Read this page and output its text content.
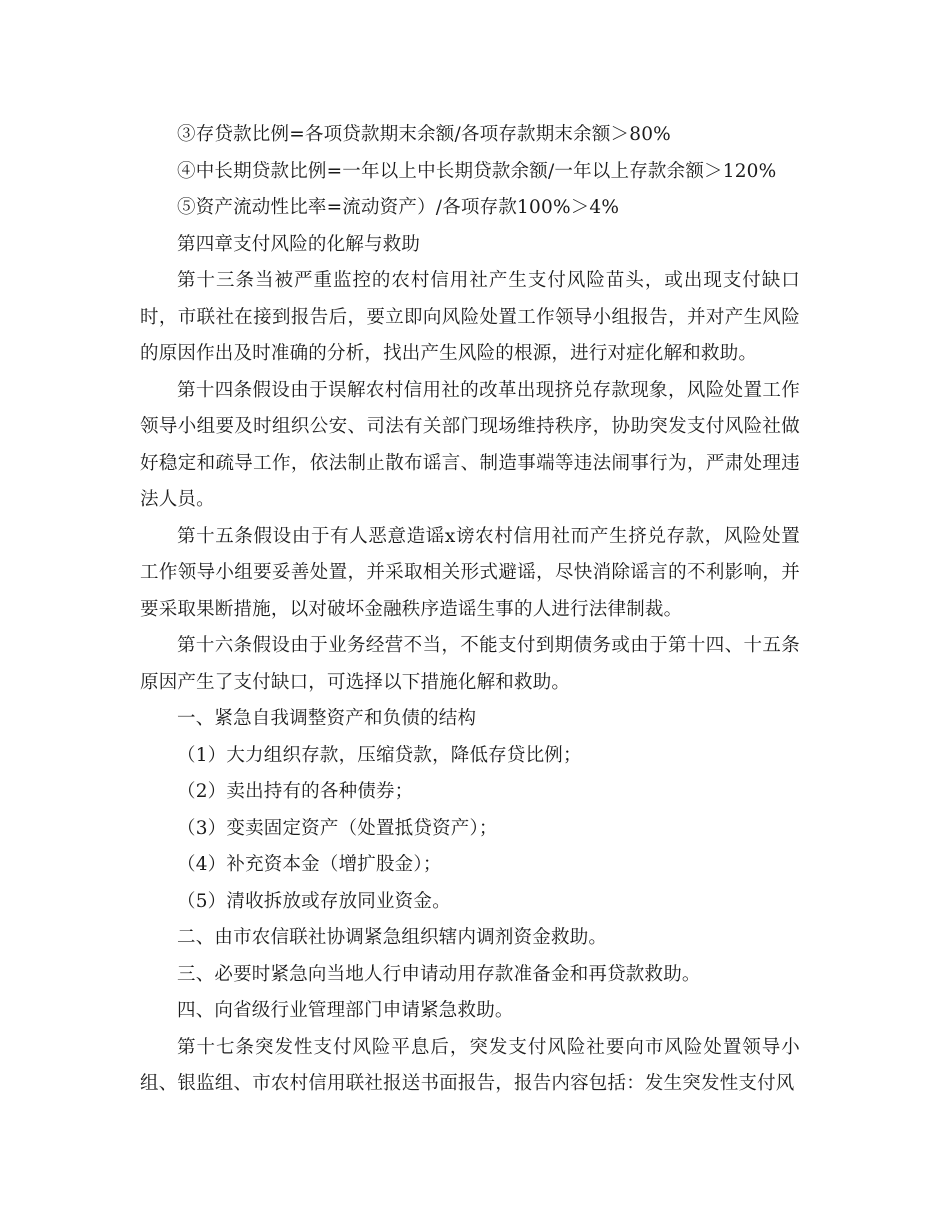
③存贷款比例=各项贷款期末余额/各项存款期末余额＞80%

④中长期贷款比例=一年以上中长期贷款余额/一年以上存款余额＞120%

⑤资产流动性比率=流动资产）/各项存款100%＞4%

第四章支付风险的化解与救助

第十三条当被严重监控的农村信用社产生支付风险苗头，或出现支付缺口时，市联社在接到报告后，要立即向风险处置工作领导小组报告，并对产生风险的原因作出及时准确的分析，找出产生风险的根源，进行对症化解和救助。

第十四条假设由于误解农村信用社的改革出现挤兑存款现象，风险处置工作领导小组要及时组织公安、司法有关部门现场维持秩序，协助突发支付风险社做好稳定和疏导工作，依法制止散布谣言、制造事端等违法闹事行为，严肃处理违法人员。

第十五条假设由于有人恶意造谣x谤农村信用社而产生挤兑存款，风险处置工作领导小组要妥善处置，并采取相关形式避谣，尽快消除谣言的不利影响，并要采取果断措施，以对破坏金融秩序造谣生事的人进行法律制裁。

第十六条假设由于业务经营不当，不能支付到期债务或由于第十四、十五条原因产生了支付缺口，可选择以下措施化解和救助。

一、紧急自我调整资产和负债的结构

（1）大力组织存款，压缩贷款，降低存贷比例；

（2）卖出持有的各种债券；

（3）变卖固定资产（处置抵贷资产）；

（4）补充资本金（增扩股金）；

（5）清收拆放或存放同业资金。

二、由市农信联社协调紧急组织辖内调剂资金救助。

三、必要时紧急向当地人行申请动用存款准备金和再贷款救助。

四、向省级行业管理部门申请紧急救助。

第十七条突发性支付风险平息后，突发支付风险社要向市风险处置领导小组、银监组、市农村信用联社报送书面报告，报告内容包括：发生突发性支付风
